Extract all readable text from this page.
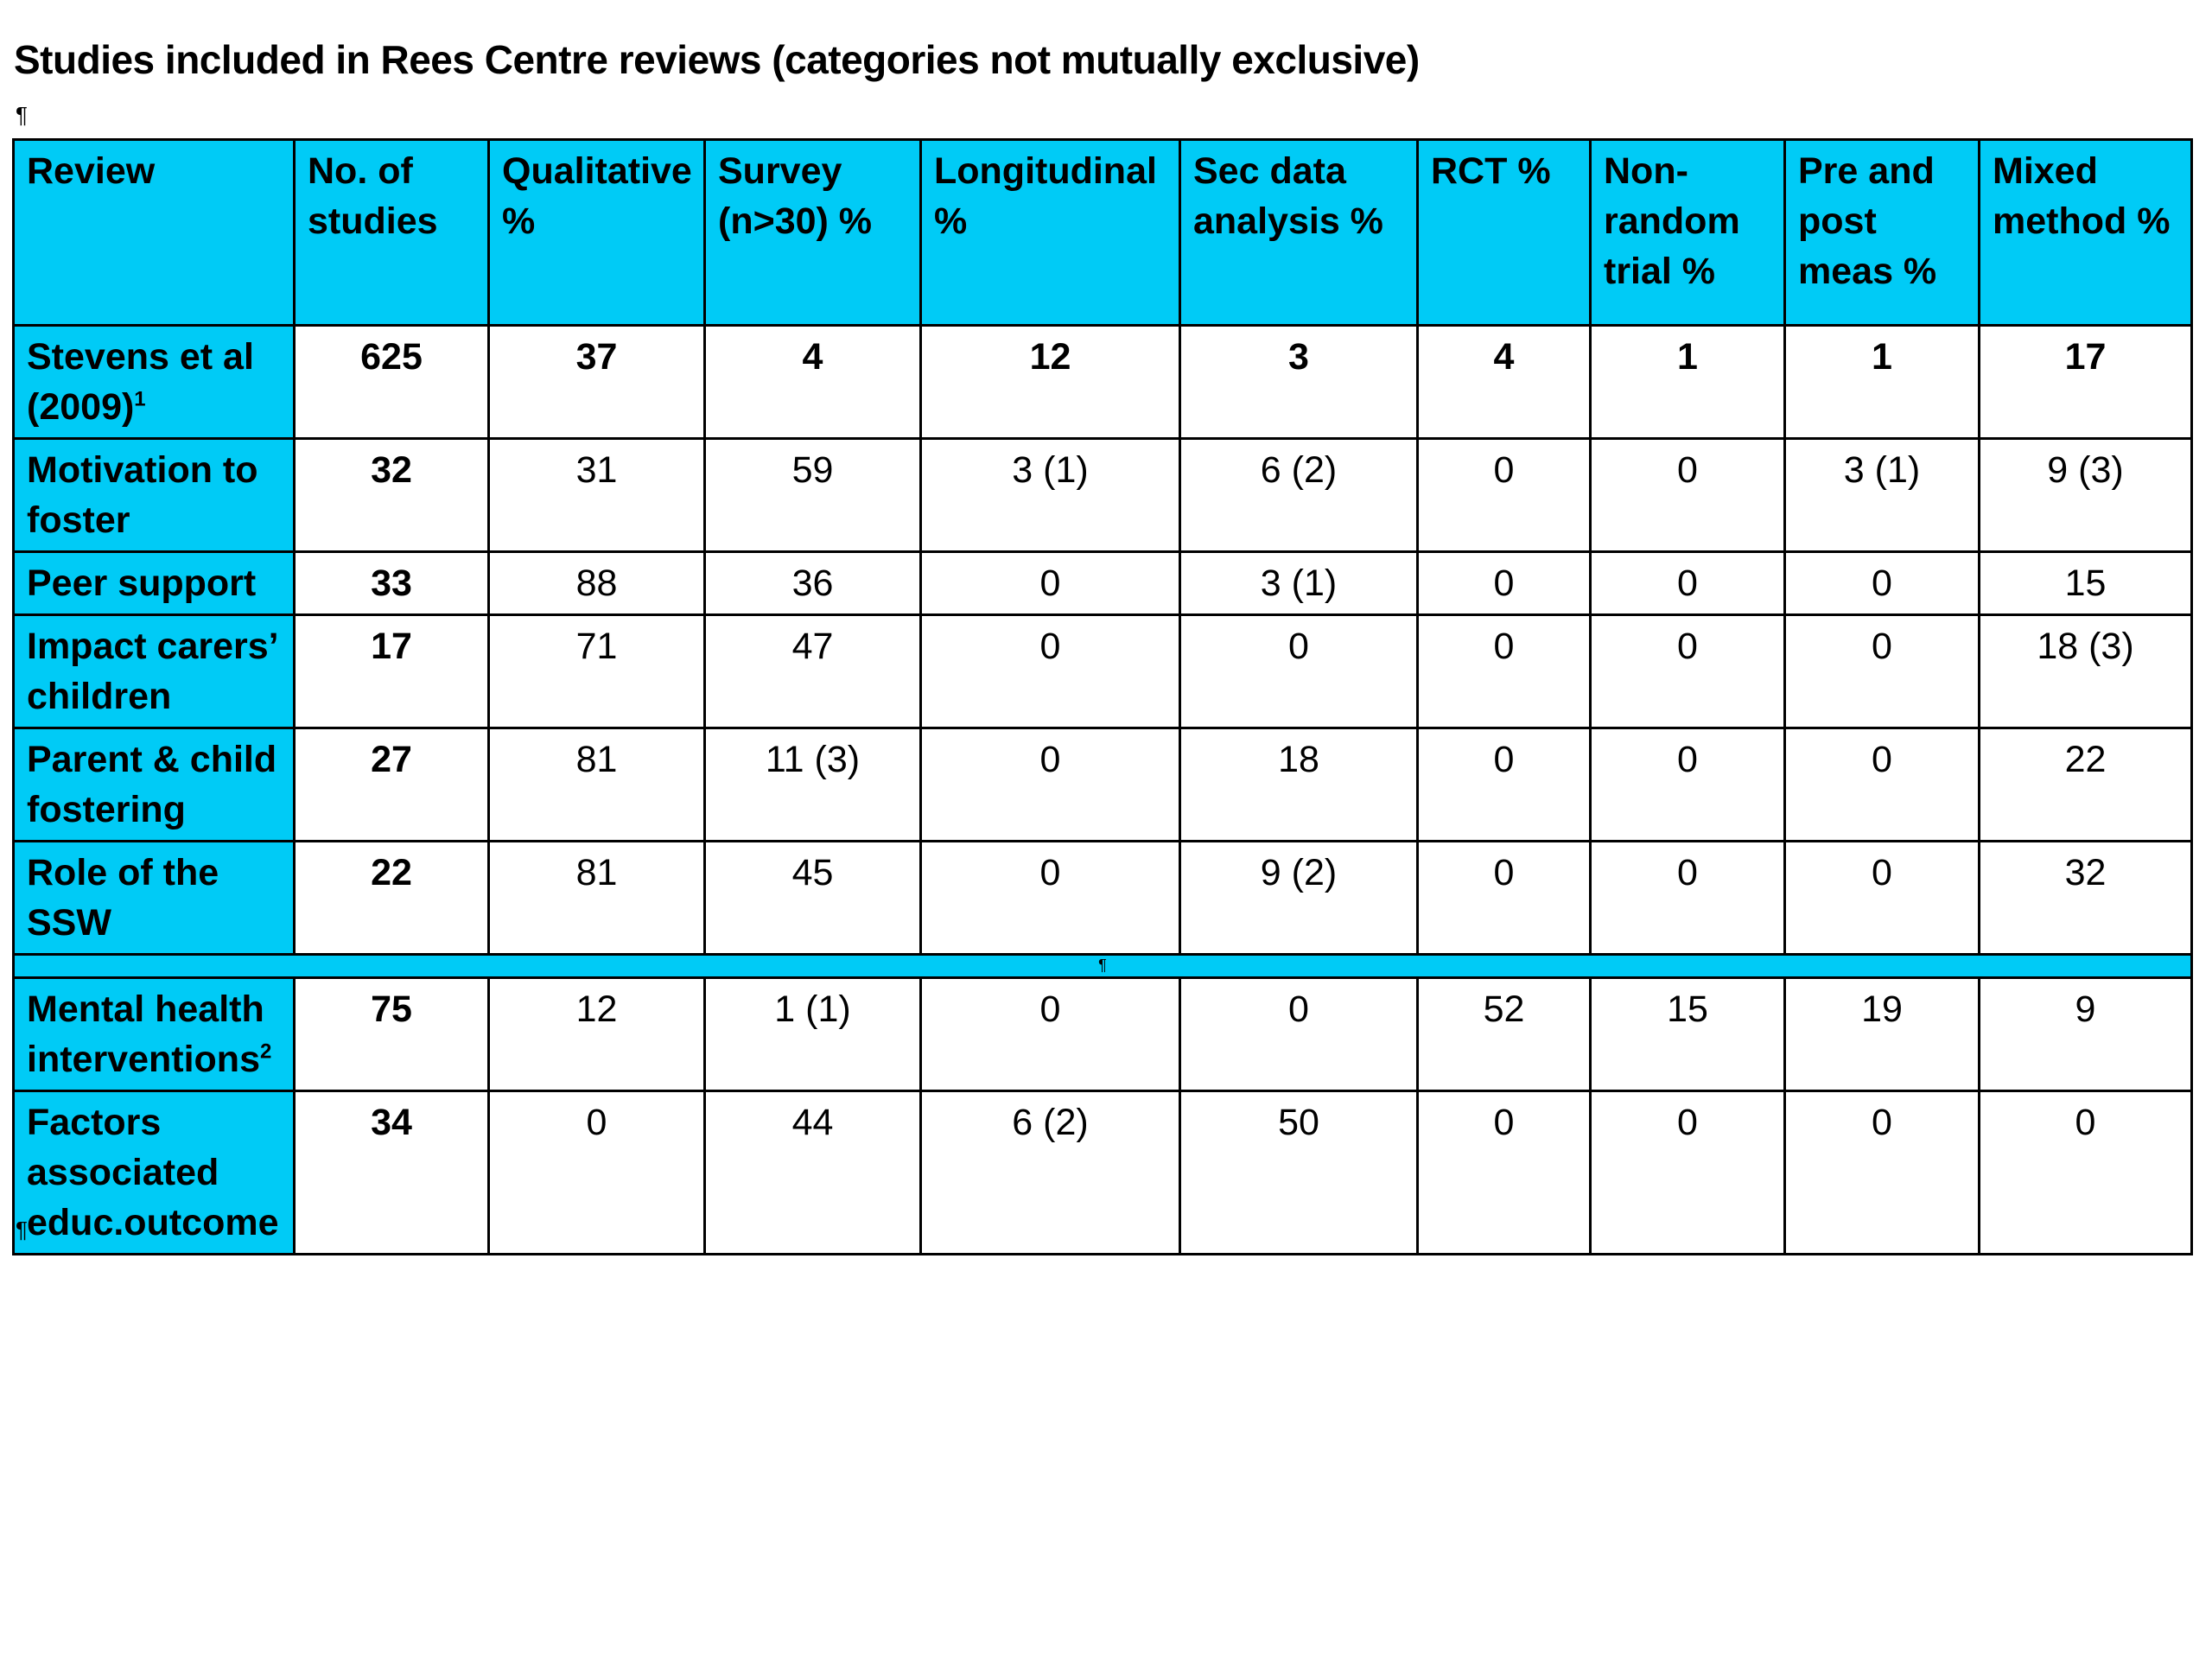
Studies included in Rees Centre reviews (categories not mutually exclusive)
¶
Review	No. of studies	Qualitative %	Survey (n>30) %	Longitudinal %	Sec data analysis %	RCT %	Non-random trial %	Pre and post meas %	Mixed method %
Stevens et al $(2009)^1$	625	37	4	12	3	4	1	1	17
Motivation to foster	32	31	59	3 (1)	6 (2)	0	0	3 (1)	9 (3)
Peer support	33	88	36	0	3 (1)	0	0	0	15
Impact carers’ children	17	71	47	0	0	0	0	0	18 (3)
Parent & child fostering	27	81	11 (3)	0	18	0	0	0	22
Role of the SSW	22	81	45	0	9 (2)	0	0	0	32
¶									
Mental health interventions$^2$	75	12	1 (1)	0	0	52	15	19	9
Factors associated educ.outcome	34	0	44	6 (2)	50	0	0	0	0
¶
